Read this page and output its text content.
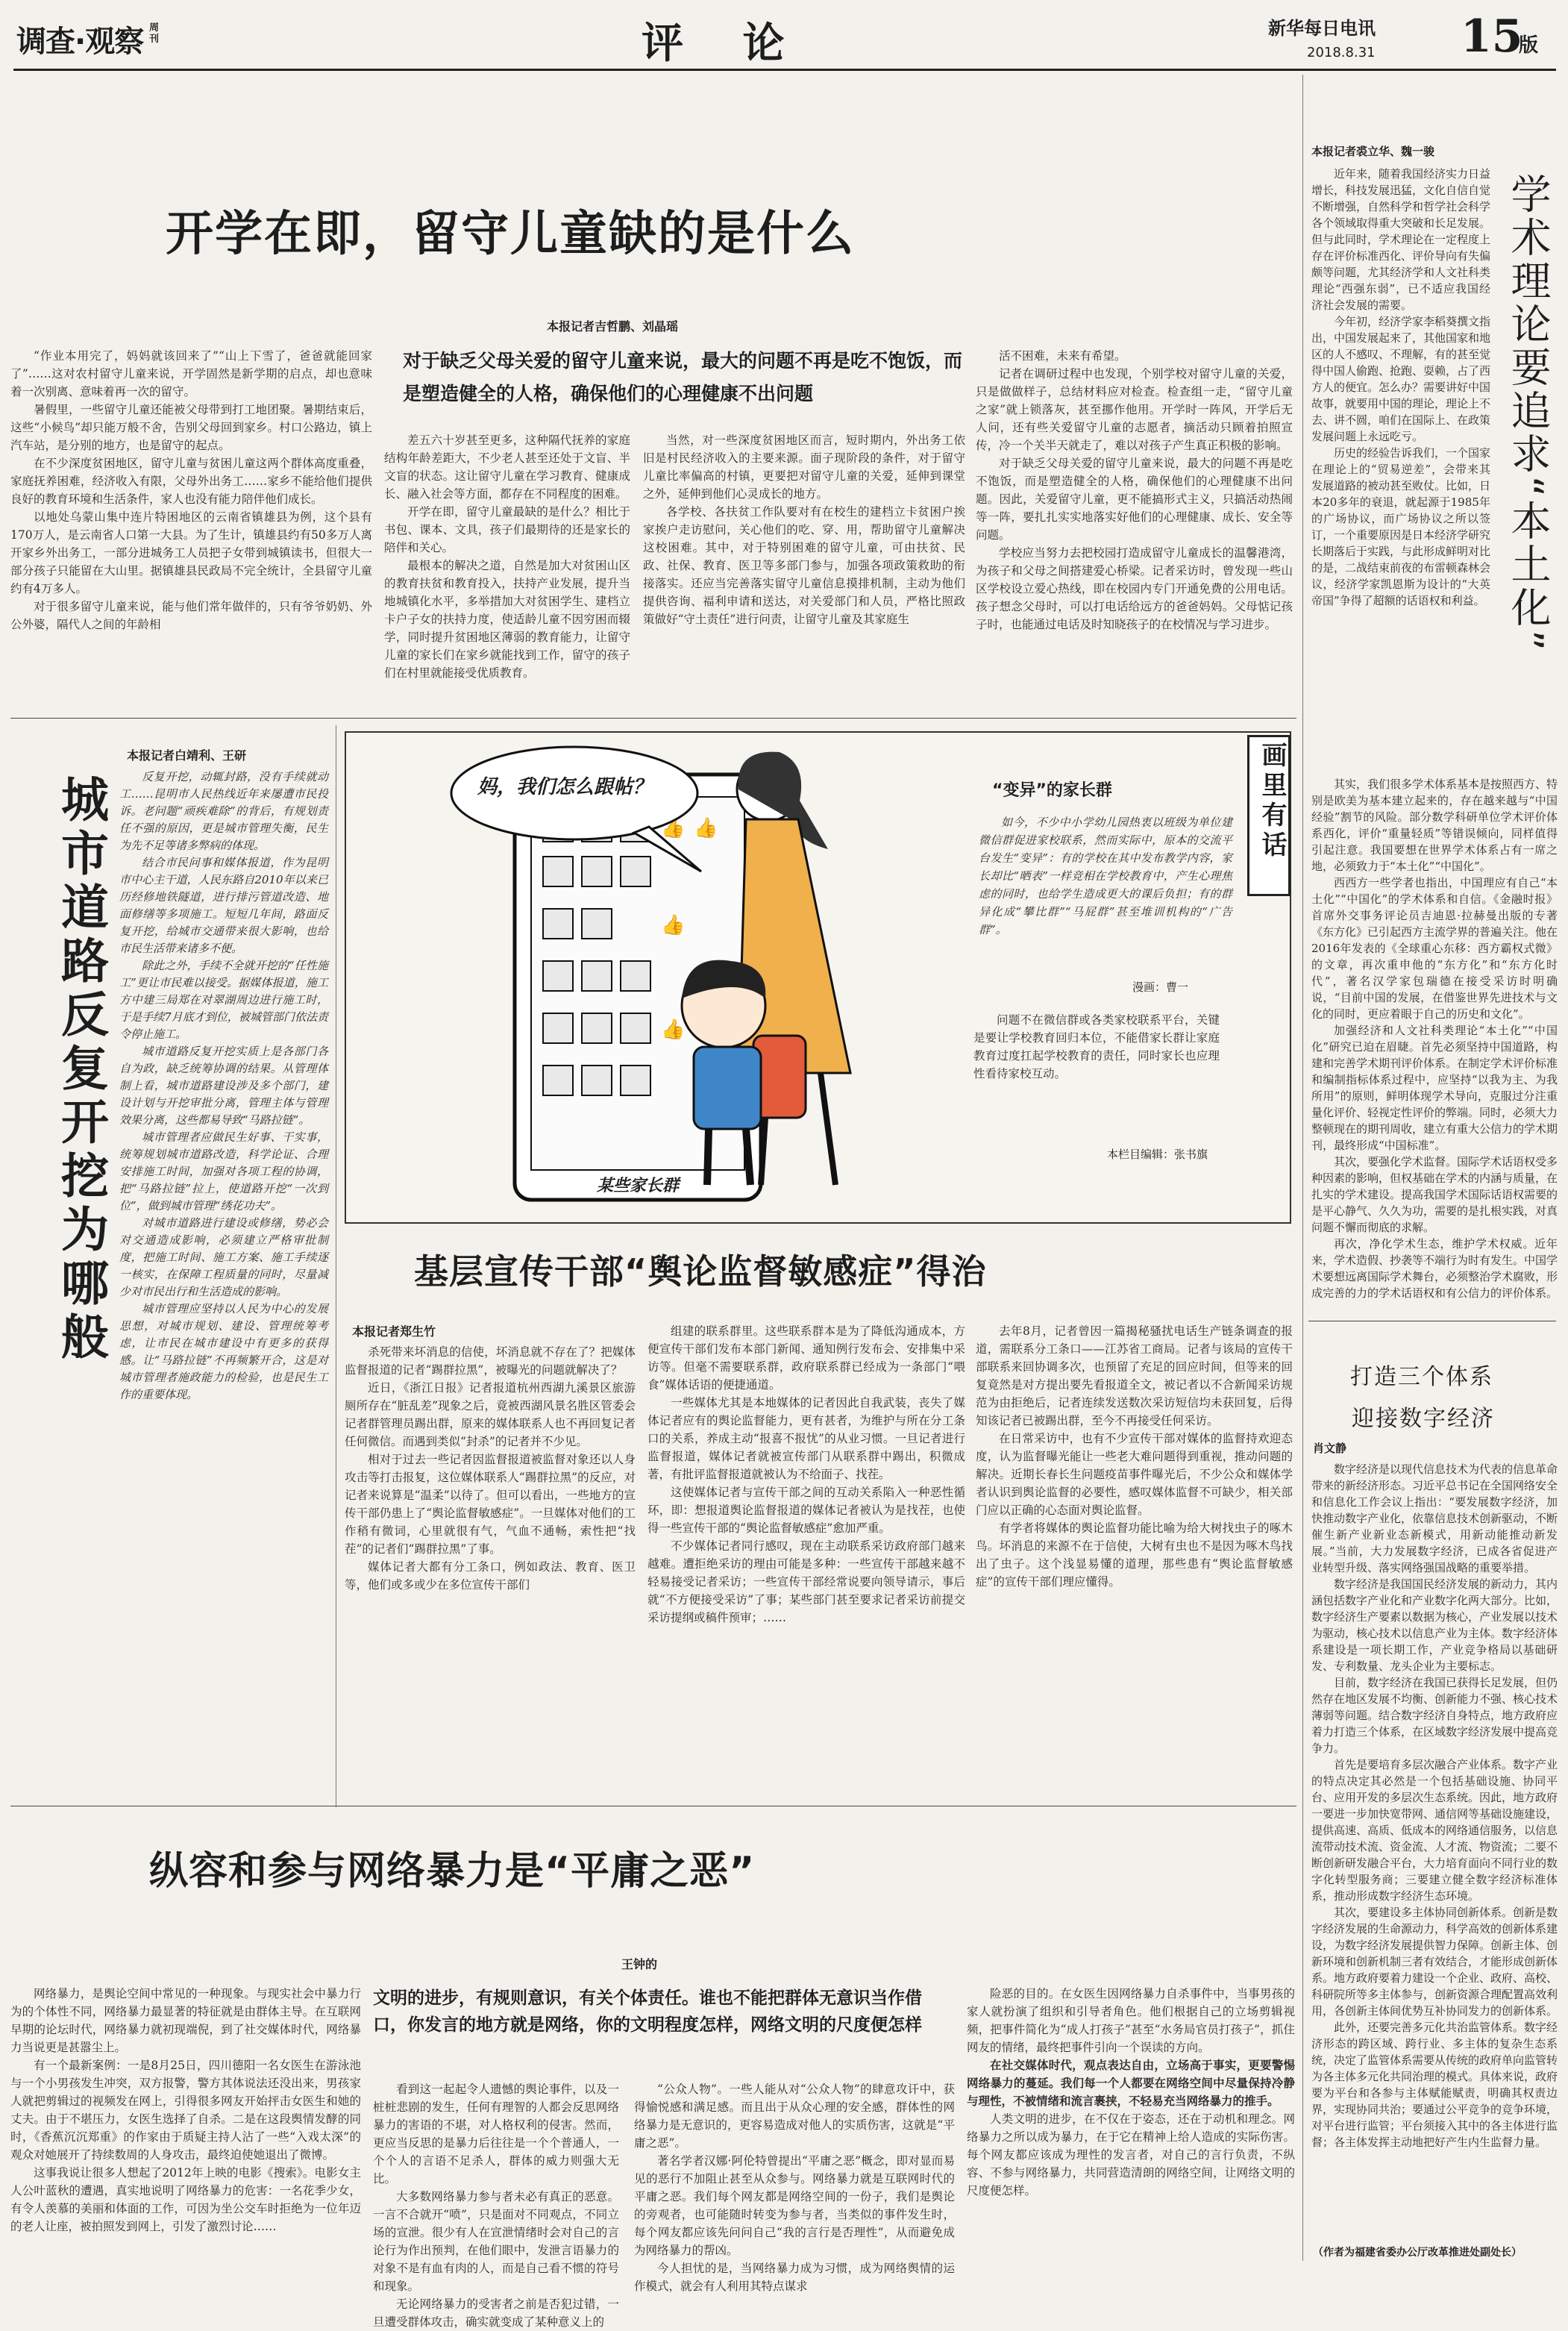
调查·观察 周刊	评 论	新华每日电讯
2018.8.31 15
版
开学在即，留守儿童缺的是什么
本报记者吉哲鹏、刘晶瑶
对于缺乏父母关爱的留守儿童来说，最大的问题不再是吃不饱饭，而是塑造健全的人格，确保他们的心理健康不出问题

“作业本用完了，妈妈就该回来了”“山上下雪了，爸爸就能回家了”……这对农村留守儿童来说，开学固然是新学期的启点，却也意味着一次别离、意味着再一次的留守。

暑假里，一些留守儿童还能被父母带到打工地团聚。暑期结束后，这些“小候鸟”却只能万般不舍，告别父母回到家乡。村口公路边，镇上汽车站，是分别的地方，也是留守的起点。

在不少深度贫困地区，留守儿童与贫困儿童这两个群体高度重叠，家庭抚养困难，经济收入有限，父母外出务工……家乡不能给他们提供良好的教育环境和生活条件，家人也没有能力陪伴他们成长。

以地处乌蒙山集中连片特困地区的云南省镇雄县为例，这个县有170万人，是云南省人口第一大县。为了生计，镇雄县约有50多万人离开家乡外出务工，一部分进城务工人员把子女带到城镇读书，但很大一部分孩子只能留在大山里。据镇雄县民政局不完全统计，全县留守儿童约有4万多人。

对于很多留守儿童来说，能与他们常年做伴的，只有爷爷奶奶、外公外婆，隔代人之间的年龄相

差五六十岁甚至更多，这种隔代抚养的家庭结构年龄差距大，不少老人甚至还处于文盲、半文盲的状态。这让留守儿童在学习教育、健康成长、融入社会等方面，都存在不同程度的困难。

开学在即，留守儿童最缺的是什么？相比于书包、课本、文具，孩子们最期待的还是家长的陪伴和关心。

最根本的解决之道，自然是加大对贫困山区的教育扶贫和教育投入，扶持产业发展，提升当地城镇化水平，多举措加大对贫困学生、建档立卡户子女的扶持力度，使适龄儿童不因穷困而辍学，同时提升贫困地区薄弱的教育能力，让留守儿童的家长们在家乡就能找到工作，留守的孩子们在村里就能接受优质教育。

当然，对一些深度贫困地区而言，短时期内，外出务工依旧是村民经济收入的主要来源。面子现阶段的条件，对于留守儿童比率偏高的村镇，更要把对留守儿童的关爱，延伸到课堂之外，延伸到他们心灵成长的地方。

各学校、各扶贫工作队要对有在校生的建档立卡贫困户挨家挨户走访慰问，关心他们的吃、穿、用，帮助留守儿童解决这校困难。其中，对于特别困难的留守儿童，可由扶贫、民政、社保、教育、医卫等多部门参与，加强各项政策救助的衔接落实。还应当完善落实留守儿童信息摸排机制，主动为他们提供咨询、福利申请和送达，对关爱部门和人员，严格比照政策做好“守土责任”进行问责，让留守儿童及其家庭生

活不困难，未来有希望。

记者在调研过程中也发现，个别学校对留守儿童的关爱，只是做做样子，总结材料应对检查。检查组一走，“留守儿童之家”就上锁落灰，甚至挪作他用。开学时一阵风，开学后无人问，还有些关爱留守儿童的志愿者，摘活动只顾着拍照宣传，冷一个关半天就走了，难以对孩子产生真正积极的影响。

对于缺乏父母关爱的留守儿童来说，最大的问题不再是吃不饱饭，而是塑造健全的人格，确保他们的心理健康不出问题。因此，关爱留守儿童，更不能搞形式主义，只搞活动热闹等一阵，要扎扎实实地落实好他们的心理健康、成长、安全等问题。

学校应当努力去把校园打造成留守儿童成长的温馨港湾，为孩子和父母之间搭建爱心桥梁。记者采访时，曾发现一些山区学校设立爱心热线，即在校园内专门开通免费的公用电话。孩子想念父母时，可以打电话给远方的爸爸妈妈。父母惦记孩子时，也能通过电话及时知晓孩子的在校情况与学习进步。

本报记者裘立华、魏一骏
学术理论要追求“本土化”

近年来，随着我国经济实力日益增长，科技发展迅猛，文化自信自觉不断增强，自然科学和哲学社会科学各个领域取得重大突破和长足发展。但与此同时，学术理论在一定程度上存在评价标准西化、评价导向有失偏颇等问题，尤其经济学和人文社科类理论“西强东弱”，已不适应我国经济社会发展的需要。

今年初，经济学家李稻葵撰文指出，中国发展起来了，其他国家和地区的人不感叹、不理解，有的甚至觉得中国人偷跑、抢跑、耍赖，占了西方人的便宜。怎么办？需要讲好中国故事，就要用中国的理论，理论上不去、讲不圆，咱们在国际上、在政策发展问题上永远吃亏。

历史的经验告诉我们，一个国家在理论上的“贸易逆差”，会带来其发展道路的被动甚至败仗。比如，日本20多年的衰退，就起源于1985年的广场协议，而广场协议之所以签订，一个重要原因是日本经济学研究长期落后于实践，与此形成鲜明对比的是，二战结束前夜的布雷顿森林会议，经济学家凯恩斯为设计的“大英帝国”争得了超额的话语权和利益。

其实，我们很多学术体系基本是按照西方、特别是欧美为基本建立起来的，存在越来越与“中国经验”割节的风险。部分数学科研单位学术评价体系西化，评价“重量轻质”等错误倾向，同样值得引起注意。我国要想在世界学术体系占有一席之地，必须致力于“本土化”“中国化”。

西西方一些学者也指出，中国理应有自己“本土化”“中国化”的学术体系和自信。《金融时报》首席外交事务评论员吉迪恩·拉赫曼出版的专著《东方化》已引起西方主流学界的普遍关注。他在2016年发表的《全球重心东移：西方霸权式微》的文章，再次重申他的“东方化”和“东方化时代”，著名汉学家包瑞德在接受采访时明确说，“目前中国的发展，在借鉴世界先进技术与文化的同时，更应着眼于自己的历史和文化”。

加强经济和人文社科类理论“本土化”“中国化”研究已迫在眉睫。首先必须坚持中国道路，构建和完善学术期刊评价体系。在制定学术评价标准和编制指标体系过程中，应坚持“以我为主、为我所用”的原则，鲜明体现学术导向，克服过分注重量化评价、轻视定性评价的弊端。同时，必须大力整顿现在的期刊周收，建立有重大公信力的学术期刊，最终形成“中国标准”。

其次，要强化学术监督。国际学术话语权受多种因素的影响，但权基础在学术的内涵与质量，在扎实的学术建设。提高我国学术国际话语权需要的是平心静气、久久为功，需要的是扎根实践，对真问题不懈而彻底的求解。

再次，净化学术生态，维护学术权威。近年来，学术造假、抄袭等不端行为时有发生。中国学术要想远离国际学术舞台，必须整治学术腐败，形成完善的力的学术话语权和有公信力的评价体系。

本报记者白靖利、王研
城市道路反复开挖为哪般	反复开挖，动辄封路，没有手续就动工……昆明市人民热线近年来屡遭市民投诉。老问题“顽疾难除”的背后，有规划责任不强的原因，更是城市管理失衡，民生为先不足等诸多弊病的体现。

结合市民问事和媒体报道，作为昆明市中心主干道，人民东路自2010年以来已历经修地铁隧道，进行排污管道改造、地面修缮等多项施工。短短几年间，路面反复开挖，给城市交通带来很大影响，也给市民生活带来诸多不便。

除此之外，手续不全就开挖的“任性施工”更让市民难以接受。据媒体报道，施工方中建三局郑在对翠湖周边进行施工时，于是手续7月底才到位，被城管部门依法责令停止施工。

城市道路反复开挖实质上是各部门各自为政，缺乏统筹协调的结果。从管理体制上看，城市道路建设涉及多个部门，建设计划与开挖审批分离，管理主体与管理效果分离，这些都易导致“马路拉链”。

城市管理者应做民生好事、干实事，统筹规划城市道路改造，科学论证、合理安排施工时间，加强对各项工程的协调，把“马路拉链”拉上，使道路开挖“一次到位”，做到城市管理“绣花功夫”。

对城市道路进行建设或修缮，势必会对交通造成影响，必须建立严格审批制度，把施工时间、施工方案、施工手续逐一核实，在保障工程质量的同时，尽量减少对市民出行和生活造成的影响。

城市管理应坚持以人民为中心的发展思想，对城市规划、建设、管理统筹考虑，让市民在城市建设中有更多的获得感。让“马路拉链”不再频繁开合，这是对城市管理者施政能力的检验，也是民生工作的重要体现。

👍 👍
👍
👍
妈，我们怎么跟帖？
某些家长群
画里有话
“变异”的家长群

如今，不少中小学幼儿园热衷以班级为单位建微信群促进家校联系，然而实际中，原本的交流平台发生“变异”：有的学校在其中发布教学内容，家长却比“晒表”一样竞相在学校教育中，产生心理焦虑的同时，也给学生造成更大的课后负担；有的群异化成“攀比群”“马屁群”甚至堆训机构的“广告群”。

漫画：曹一

问题不在微信群或各类家校联系平台，关键是要让学校教育回归本位，不能借家长群让家庭教育过度扛起学校教育的责任，同时家长也应理性看待家校互动。

本栏目编辑：张书旗
基层宣传干部“舆论监督敏感症”得治
本报记者郑生竹

杀死带来坏消息的信使，坏消息就不存在了？把媒体监督报道的记者“踢群拉黑”，被曝光的问题就解决了？

近日，《浙江日报》记者报道杭州西湖九溪景区旅游厕所存在“脏乱差”现象之后，竟被西湖风景名胜区管委会记者群管理员踢出群，原来的媒体联系人也不再回复记者任何微信。而遇到类似“封杀”的记者并不少见。

相对于过去一些记者因监督报道被监督对象还以人身攻击等打击报复，这位媒体联系人“踢群拉黑”的反应，对记者来说算是“温柔”以待了。但可以看出，一些地方的宣传干部仍患上了“舆论监督敏感症”。一旦媒体对他们的工作稍有微词，心里就很有气，气血不通畅，索性把“找茬”的记者们“踢群拉黑”了事。

媒体记者大都有分工条口，例如政法、教育、医卫等，他们或多或少在多位宣传干部们

组建的联系群里。这些联系群本是为了降低沟通成本，方便宣传干部们发布本部门新闻、通知例行发布会、安排集中采访等。但毫不需要联系群，政府联系群已经成为一条部门“喂食”媒体话语的便捷通道。

一些媒体尤其是本地媒体的记者因此自我武装，丧失了媒体记者应有的舆论监督能力，更有甚者，为维护与所在分工条口的关系，养成主动“报喜不报忧”的从业习惯。一旦记者进行监督报道，媒体记者就被宣传部门从联系群中踢出，积微成著，有批评监督报道就被认为不给面子、找茬。

这使媒体记者与宣传干部之间的互动关系陷入一种恶性循环，即：想报道舆论监督报道的媒体记者被认为是找茬，也使得一些宣传干部的“舆论监督敏感症”愈加严重。

不少媒体记者同行感叹，现在主动联系采访政府部门越来越难。遭拒绝采访的理由可能是多种：一些宣传干部越来越不轻易接受记者采访；一些宣传干部经常说要向领导请示，事后就“不方便接受采访”了事；某些部门甚至要求记者采访前提交采访提纲或稿件预审；……

去年8月，记者曾因一篇揭秘骚扰电话生产链条调查的报道，需联系分工条口——江苏省工商局。记者与该局的宣传干部联系来回协调多次，也预留了充足的回应时间，但等来的回复竟然是对方提出要先看报道全文，被记者以不合新闻采访规范为由拒绝后，记者连续发送数次采访短信均未获回复，后得知该记者已被踢出群，至今不再接受任何采访。

在日常采访中，也有不少宣传干部对媒体的监督持欢迎态度，认为监督曝光能让一些老大难问题得到重视，推动问题的解决。近期长春长生问题疫苗事件曝光后，不少公众和媒体学者认识到舆论监督的必要性，感叹媒体监督不可缺少，相关部门应以正确的心态面对舆论监督。

有学者将媒体的舆论监督功能比喻为给大树找虫子的啄木鸟。坏消息的来源不在于信使，大树有虫也不是因为啄木鸟找出了虫子。这个浅显易懂的道理，那些患有“舆论监督敏感症”的宣传干部们理应懂得。

打造三个体系
迎接数字经济
肖文静

数字经济是以现代信息技术为代表的信息革命带来的新经济形态。习近平总书记在全国网络安全和信息化工作会议上指出：“要发展数字经济，加快推动数字产业化，依靠信息技术创新驱动，不断催生新产业新业态新模式，用新动能推动新发展。”当前，大力发展数字经济，已成各省促进产业转型升级、落实网络强国战略的重要举措。

数字经济是我国国民经济发展的新动力，其内涵包括数字产业化和产业数字化两大部分。比如，数字经济生产要素以数据为核心，产业发展以技术为驱动，核心技术以信息产业为主体。数字经济体系建设是一项长期工作，产业竞争格局以基础研发、专利数量、龙头企业为主要标志。

目前，数字经济在我国已获得长足发展，但仍然存在地区发展不均衡、创新能力不强、核心技术薄弱等问题。结合数字经济自身特点，地方政府应着力打造三个体系，在区域数字经济发展中提高竞争力。

首先是要培育多层次融合产业体系。数字产业的特点决定其必然是一个包括基础设施、协同平台、应用开发的多层次生态系统。因此，地方政府一要进一步加快宽带网、通信网等基础设施建设，提供高速、高质、低成本的网络通信服务，以信息流带动技术流、资金流、人才流、物资流；二要不断创新研发融合平台，大力培育面向不同行业的数字化转型服务商；三要建立健全数字经济标准体系，推动形成数字经济生态环境。

其次，要建设多主体协同创新体系。创新是数字经济发展的生命源动力，科学高效的创新体系建设，为数字经济发展提供智力保障。创新主体、创新环境和创新机制三者有效结合，才能形成创新体系。地方政府要着力建设一个企业、政府、高校、科研院所等多主体参与，创新资源合理配置高效利用，各创新主体间优势互补协同发力的创新体系。

此外，还要完善多元化共治监管体系。数字经济形态的跨区域、跨行业、多主体的复杂生态系统，决定了监管体系需要从传统的政府单向监管转为各主体多元化共同治理的模式。具体来说，政府要为平台和各参与主体赋能赋责，明确其权责边界，实现协同共治；要通过公平竞争的竞争环境，对平台进行监管；平台须接入其中的各主体进行监督；各主体发挥主动地把好产生内生监督力量。

（作者为福建省委办公厅改革推进处副处长）
纵容和参与网络暴力是“平庸之恶”
王钟的
文明的进步，有规则意识，有关个体责任。谁也不能把群体无意识当作借口，你发言的地方就是网络，你的文明程度怎样，网络文明的尺度便怎样

网络暴力，是舆论空间中常见的一种现象。与现实社会中暴力行为的个体性不同，网络暴力最显著的特征就是由群体主导。在互联网早期的论坛时代，网络暴力就初现端倪，到了社交媒体时代，网络暴力当说更是甚嚣尘上。

有一个最新案例：一是8月25日，四川德阳一名女医生在游泳池与一个小男孩发生冲突，双方报警，警方其体说法还没出来，男孩家人就把剪辑过的视频发在网上，引得很多网友开始抨击女医生和她的丈夫。由于不堪压力，女医生选择了自杀。二是在这段舆情发酵的同时，《香蕉沉沉郑重》的作家由于质疑主持人沾了一些“入戏太深”的观众对她展开了持续数周的人身攻击，最终迫使她退出了微博。

这事我说让很多人想起了2012年上映的电影《搜索》。电影女主人公叶蓝秋的遭遇，真实地说明了网络暴力的危害：一名花季少女，有令人羡慕的美丽和体面的工作，可因为坐公交车时拒绝为一位年迈的老人让座，被拍照发到网上，引发了激烈讨论……

看到这一起起令人遗憾的舆论事件，以及一桩桩悲剧的发生，任何有理智的人都会反思网络暴力的害语的不堪，对人格权利的侵害。然而，更应当反思的是暴力后往往是一个个普通人，一个个人的言语不足杀人，群体的威力则强大无比。

大多数网络暴力参与者未必有真正的恶意。一言不合就开“喷”，只是面对不同观点，不同立场的宣泄。很少有人在宣泄情绪时会对自己的言论行为作出预判，在他们眼中，发泄言语暴力的对象不是有血有肉的人，而是自己看不惯的符号和现象。

无论网络暴力的受害者之前是否犯过错，一旦遭受群体攻击，确实就变成了某种意义上的

“公众人物”。一些人能从对“公众人物”的肆意攻讦中，获得愉悦感和满足感。而且出于从众心理的安全感，群体性的网络暴力是无意识的，更容易造成对他人的实质伤害，这就是“平庸之恶”。

著名学者汉娜·阿伦特曾提出“平庸之恶”概念，即对显而易见的恶行不加阻止甚至从众参与。网络暴力就是互联网时代的平庸之恶。我们每个网友都是网络空间的一份子，我们是舆论的旁观者，也可能随时转变为参与者，当类似的事件发生时，每个网友都应该先问问自己“我的言行是否理性”，从而避免成为网络暴力的帮凶。

今人担忧的是，当网络暴力成为习惯，成为网络舆情的运作模式，就会有人利用其特点谋求

险恶的目的。在女医生因网络暴力自杀事件中，当事男孩的家人就扮演了组织和引导者角色。他们根据自己的立场剪辑视频，把事件简化为“成人打孩子”甚至“水务局官员打孩子”，抓住网友的情绪，最终把事件引向一个误读的方向。

在社交媒体时代，观点表达自由，立场高于事实，更要警惕网络暴力的蔓延。我们每一个人都要在网络空间中尽量保持冷静与理性，不被情绪和流言裹挟，不轻易充当网络暴力的推手。

人类文明的进步，在不仅在于姿态，还在于动机和理念。网络暴力之所以成为暴力，在于它在精神上给人造成的实际伤害。每个网友都应该成为理性的发言者，对自己的言行负责，不纵容、不参与网络暴力，共同营造清朗的网络空间，让网络文明的尺度便怎样。
